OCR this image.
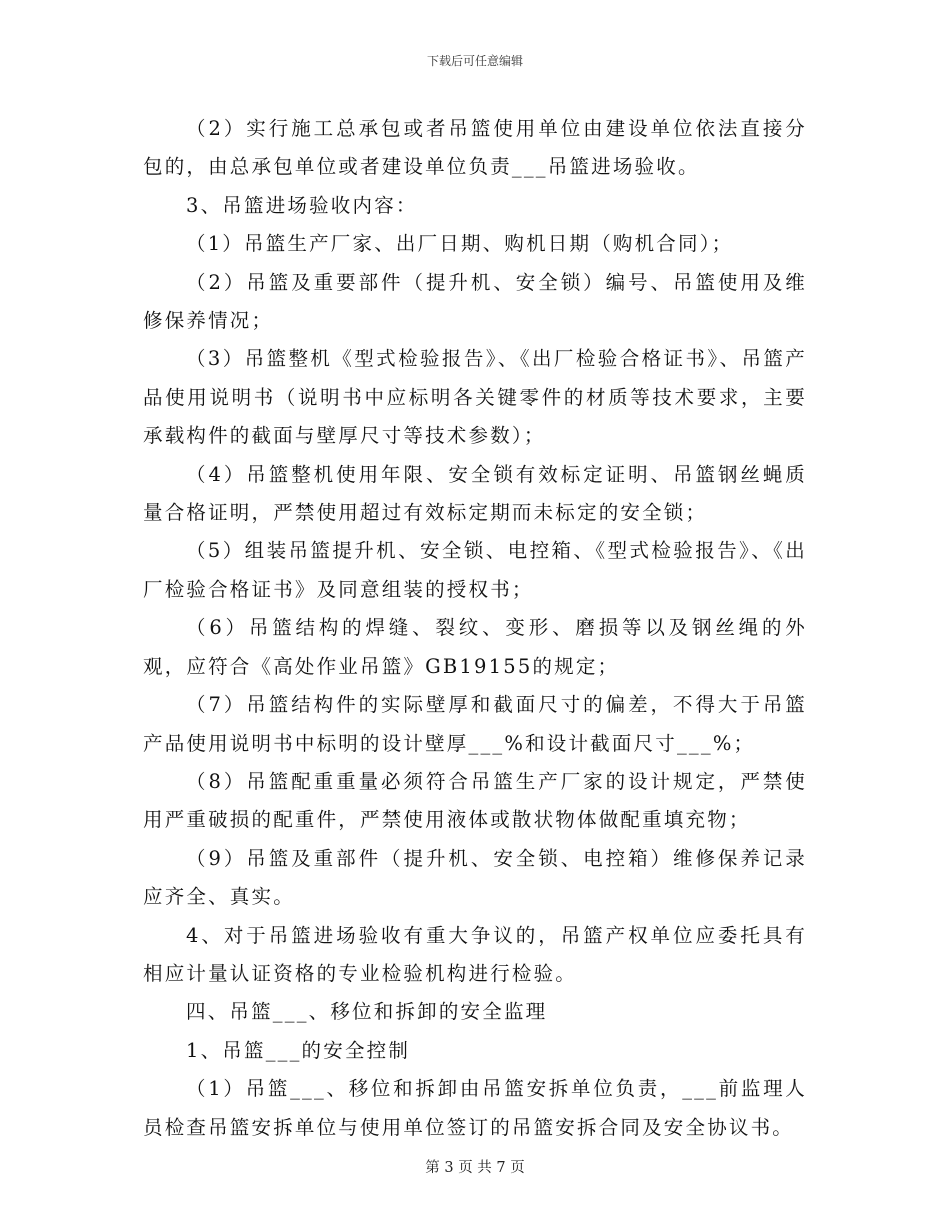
下载后可任意编辑

（2）实行施工总承包或者吊篮使用单位由建设单位依法直接分包的，由总承包单位或者建设单位负责___吊篮进场验收。

3、吊篮进场验收内容：

（1）吊篮生产厂家、出厂日期、购机日期（购机合同）；

（2）吊篮及重要部件（提升机、安全锁）编号、吊篮使用及维修保养情况；

（3）吊篮整机《型式检验报告》、《出厂检验合格证书》、吊篮产品使用说明书（说明书中应标明各关键零件的材质等技术要求，主要承载构件的截面与壁厚尺寸等技术参数）；

（4）吊篮整机使用年限、安全锁有效标定证明、吊篮钢丝蝇质量合格证明，严禁使用超过有效标定期而未标定的安全锁；

（5）组装吊篮提升机、安全锁、电控箱、《型式检验报告》、《出厂检验合格证书》及同意组装的授权书；

（6）吊篮结构的焊缝、裂纹、变形、磨损等以及钢丝绳的外观，应符合《高处作业吊篮》GB19155的规定；

（7）吊篮结构件的实际壁厚和截面尺寸的偏差，不得大于吊篮产品使用说明书中标明的设计壁厚___%和设计截面尺寸___%；

（8）吊篮配重重量必须符合吊篮生产厂家的设计规定，严禁使用严重破损的配重件，严禁使用液体或散状物体做配重填充物；

（9）吊篮及重部件（提升机、安全锁、电控箱）维修保养记录应齐全、真实。

4、对于吊篮进场验收有重大争议的，吊篮产权单位应委托具有相应计量认证资格的专业检验机构进行检验。

四、吊篮___、移位和拆卸的安全监理

1、吊篮___的安全控制

（1）吊篮___、移位和拆卸由吊篮安拆单位负责，___前监理人员检查吊篮安拆单位与使用单位签订的吊篮安拆合同及安全协议书。

第 3 页 共 7 页
